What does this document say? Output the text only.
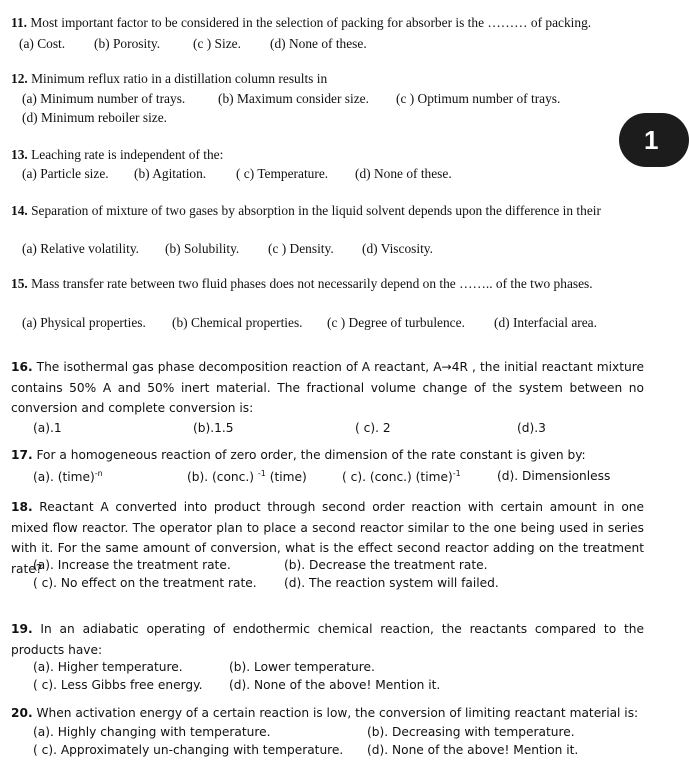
11. Most important factor to be considered in the selection of packing for absorber is the ……… of packing.
(a) Cost. (b) Porosity. (c ) Size. (d) None of these.
12. Minimum reflux ratio in a distillation column results in
(a) Minimum number of trays. (b) Maximum consider size. (c ) Optimum number of trays.
(d) Minimum reboiler size.
13. Leaching rate is independent of the:
(a) Particle size. (b) Agitation. ( c) Temperature. (d) None of these.
14. Separation of mixture of two gases by absorption in the liquid solvent depends upon the difference in their
(a) Relative volatility. (b) Solubility. (c ) Density. (d) Viscosity.
15. Mass transfer rate between two fluid phases does not necessarily depend on the …….. of the two phases.
(a) Physical properties. (b) Chemical properties. (c ) Degree of turbulence. (d) Interfacial area.
16. The isothermal gas phase decomposition reaction of A reactant, A→4R , the initial reactant mixture contains 50% A and 50% inert material. The fractional volume change of the system between no conversion and complete conversion is:
(a).1	(b).1.5	( c). 2	(d).3
17. For a homogeneous reaction of zero order, the dimension of the rate constant is given by:
(a). (time)$^{-n}$	(b). (conc.) $^{-1}$ (time)	( c). (conc.) (time)$^{-1}$	(d). Dimensionless
18. Reactant A converted into product through second order reaction with certain amount in one mixed flow reactor. The operator plan to place a second reactor similar to the one being used in series with it. For the same amount of conversion, what is the effect second reactor adding on the treatment rate?
(a). Increase the treatment rate.	(b). Decrease the treatment rate.
( c). No effect on the treatment rate. (d). The reaction system will failed.
19. In an adiabatic operating of endothermic chemical reaction, the reactants compared to the products have:
(a). Higher temperature.	(b). Lower temperature.
( c). Less Gibbs free energy. (d). None of the above! Mention it.
20. When activation energy of a certain reaction is low, the conversion of limiting reactant material is:
(a). Highly changing with temperature.	(b). Decreasing with temperature.
( c). Approximately un-changing with temperature. (d). None of the above! Mention it.
1
